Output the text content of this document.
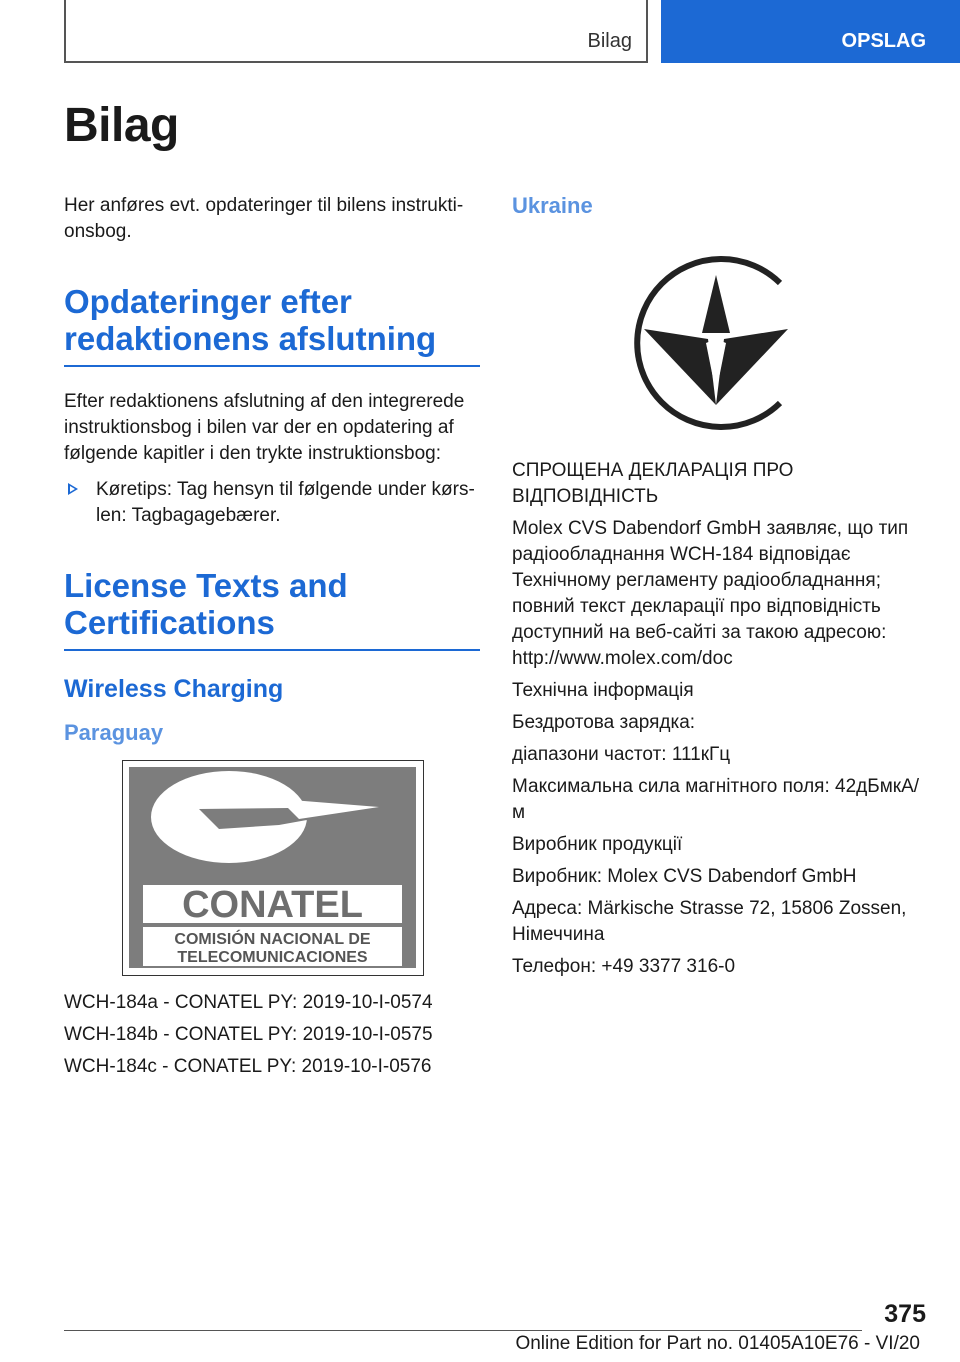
Bilag	OPSLAG
Bilag

Her anføres evt. opdateringer til bilens instrukti‐onsbog.

Opdateringer efter redaktionens afslutning

Efter redaktionens afslutning af den integrerede instruktionsbog i bilen var der en opdatering af følgende kapitler i den trykte instruktionsbog:

Køretips: Tag hensyn til følgende under kørs‐len: Tagbagagebærer.
License Texts and Certifications
Wireless Charging
Paraguay
CONATEL
COMISIÓN NACIONAL DE
TELECOMUNICACIONES

WCH-184a - CONATEL PY: 2019-10-I-0574

WCH-184b - CONATEL PY: 2019-10-I-0575

WCH-184c - CONATEL PY: 2019-10-I-0576

Ukraine

СПРОЩЕНА ДЕКЛАРАЦІЯ ПРО ВІДПОВІДНІСТЬ

Molex CVS Dabendorf GmbH заявляє, що тип радіообладнання WCH-184 відповідає Технічному регламенту радіообладнання; повний текст декларації про відповідність доступний на веб-сайті за такою адресою: http://www.molex.com/doc

Технічна інформація

Бездротова зарядка:

діапазони частот: 111кГц

Максимальна сила магнітного поля: 42дБмкА/м

Виробник продукції

Виробник: Molex CVS Dabendorf GmbH

Адреса: Märkische Strasse 72, 15806 Zossen, Німеччина

Телефон: +49 3377 316-0

375
Online Edition for Part no. 01405A10E76 - VI/20
